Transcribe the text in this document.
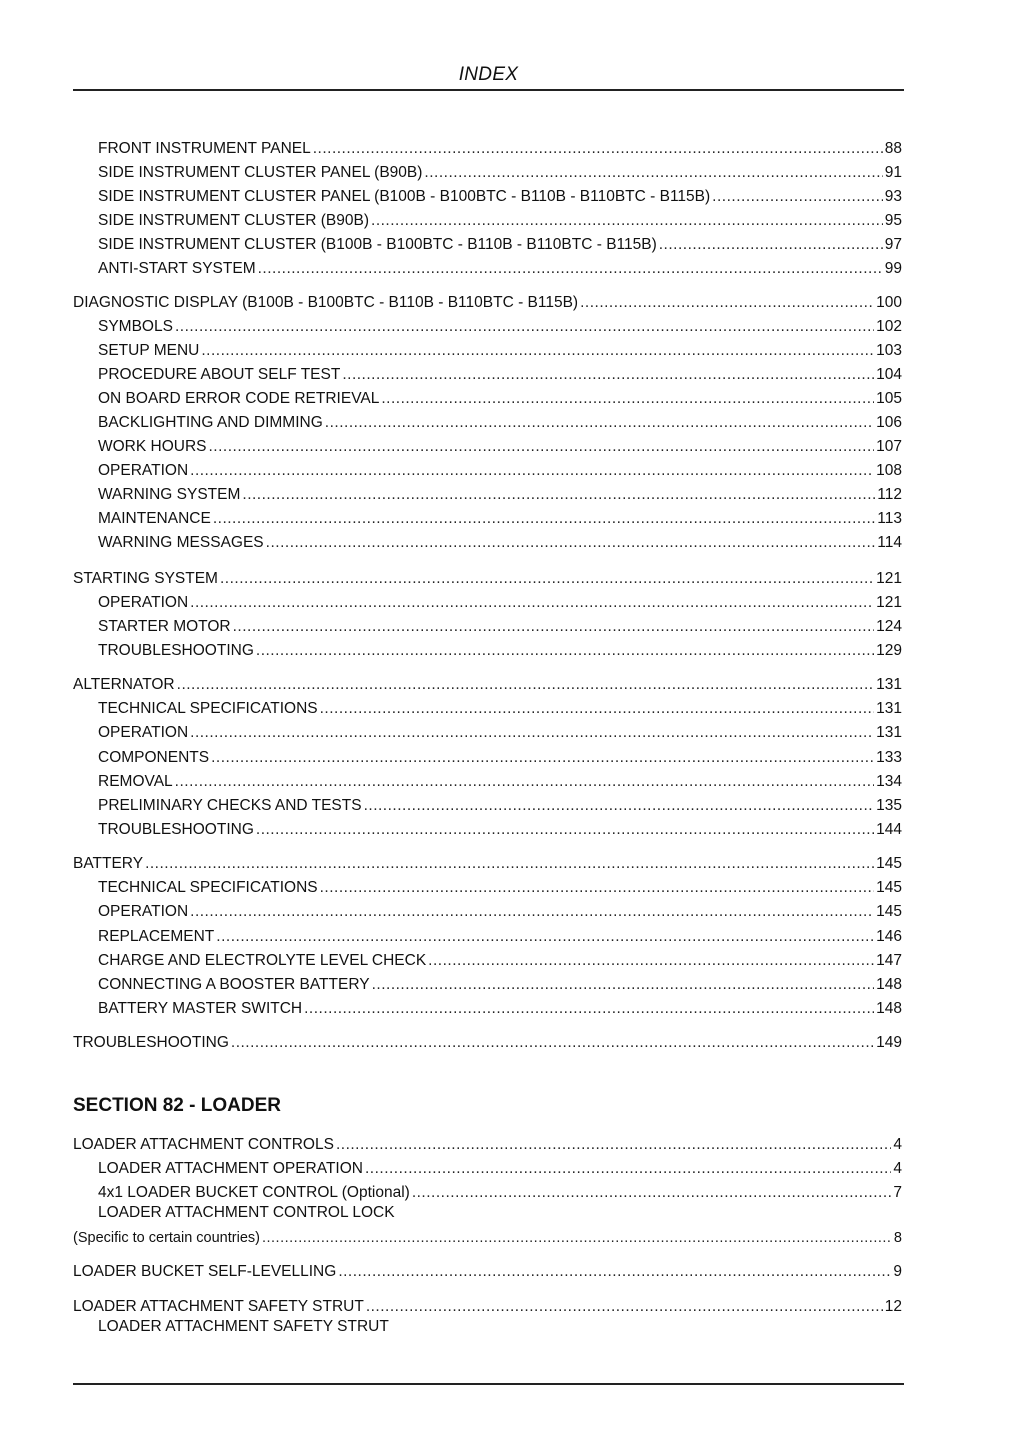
INDEX
FRONT INSTRUMENT PANEL .....	88
SIDE INSTRUMENT CLUSTER PANEL (B90B) .....	91
SIDE INSTRUMENT CLUSTER PANEL (B100B - B100BTC - B110B - B110BTC - B115B) .....	93
SIDE INSTRUMENT CLUSTER (B90B) .....	95
SIDE INSTRUMENT CLUSTER (B100B - B100BTC - B110B - B110BTC - B115B) .....	97
ANTI-START SYSTEM .....	99
DIAGNOSTIC DISPLAY (B100B - B100BTC - B110B - B110BTC - B115B) .....	100
SYMBOLS .....	102
SETUP MENU .....	103
PROCEDURE ABOUT SELF TEST .....	104
ON BOARD ERROR CODE RETRIEVAL .....	105
BACKLIGHTING AND DIMMING .....	106
WORK HOURS .....	107
OPERATION .....	108
WARNING SYSTEM .....	112
MAINTENANCE .....	113
WARNING MESSAGES .....	114
STARTING SYSTEM .....	121
OPERATION .....	121
STARTER MOTOR .....	124
TROUBLESHOOTING .....	129
ALTERNATOR .....	131
TECHNICAL SPECIFICATIONS .....	131
OPERATION .....	131
COMPONENTS .....	133
REMOVAL .....	134
PRELIMINARY CHECKS AND TESTS .....	135
TROUBLESHOOTING .....	144
BATTERY .....	145
TECHNICAL SPECIFICATIONS .....	145
OPERATION .....	145
REPLACEMENT .....	146
CHARGE AND ELECTROLYTE LEVEL CHECK .....	147
CONNECTING A BOOSTER BATTERY .....	148
BATTERY MASTER SWITCH .....	148
TROUBLESHOOTING .....	149
SECTION 82 - LOADER
LOADER ATTACHMENT CONTROLS .....	4
LOADER ATTACHMENT OPERATION .....	4
4x1 LOADER BUCKET CONTROL (Optional) .....	7
LOADER ATTACHMENT CONTROL LOCK
(Specific to certain countries) .....	8
LOADER BUCKET SELF-LEVELLING .....	9
LOADER ATTACHMENT SAFETY STRUT .....	12
LOADER ATTACHMENT SAFETY STRUT
